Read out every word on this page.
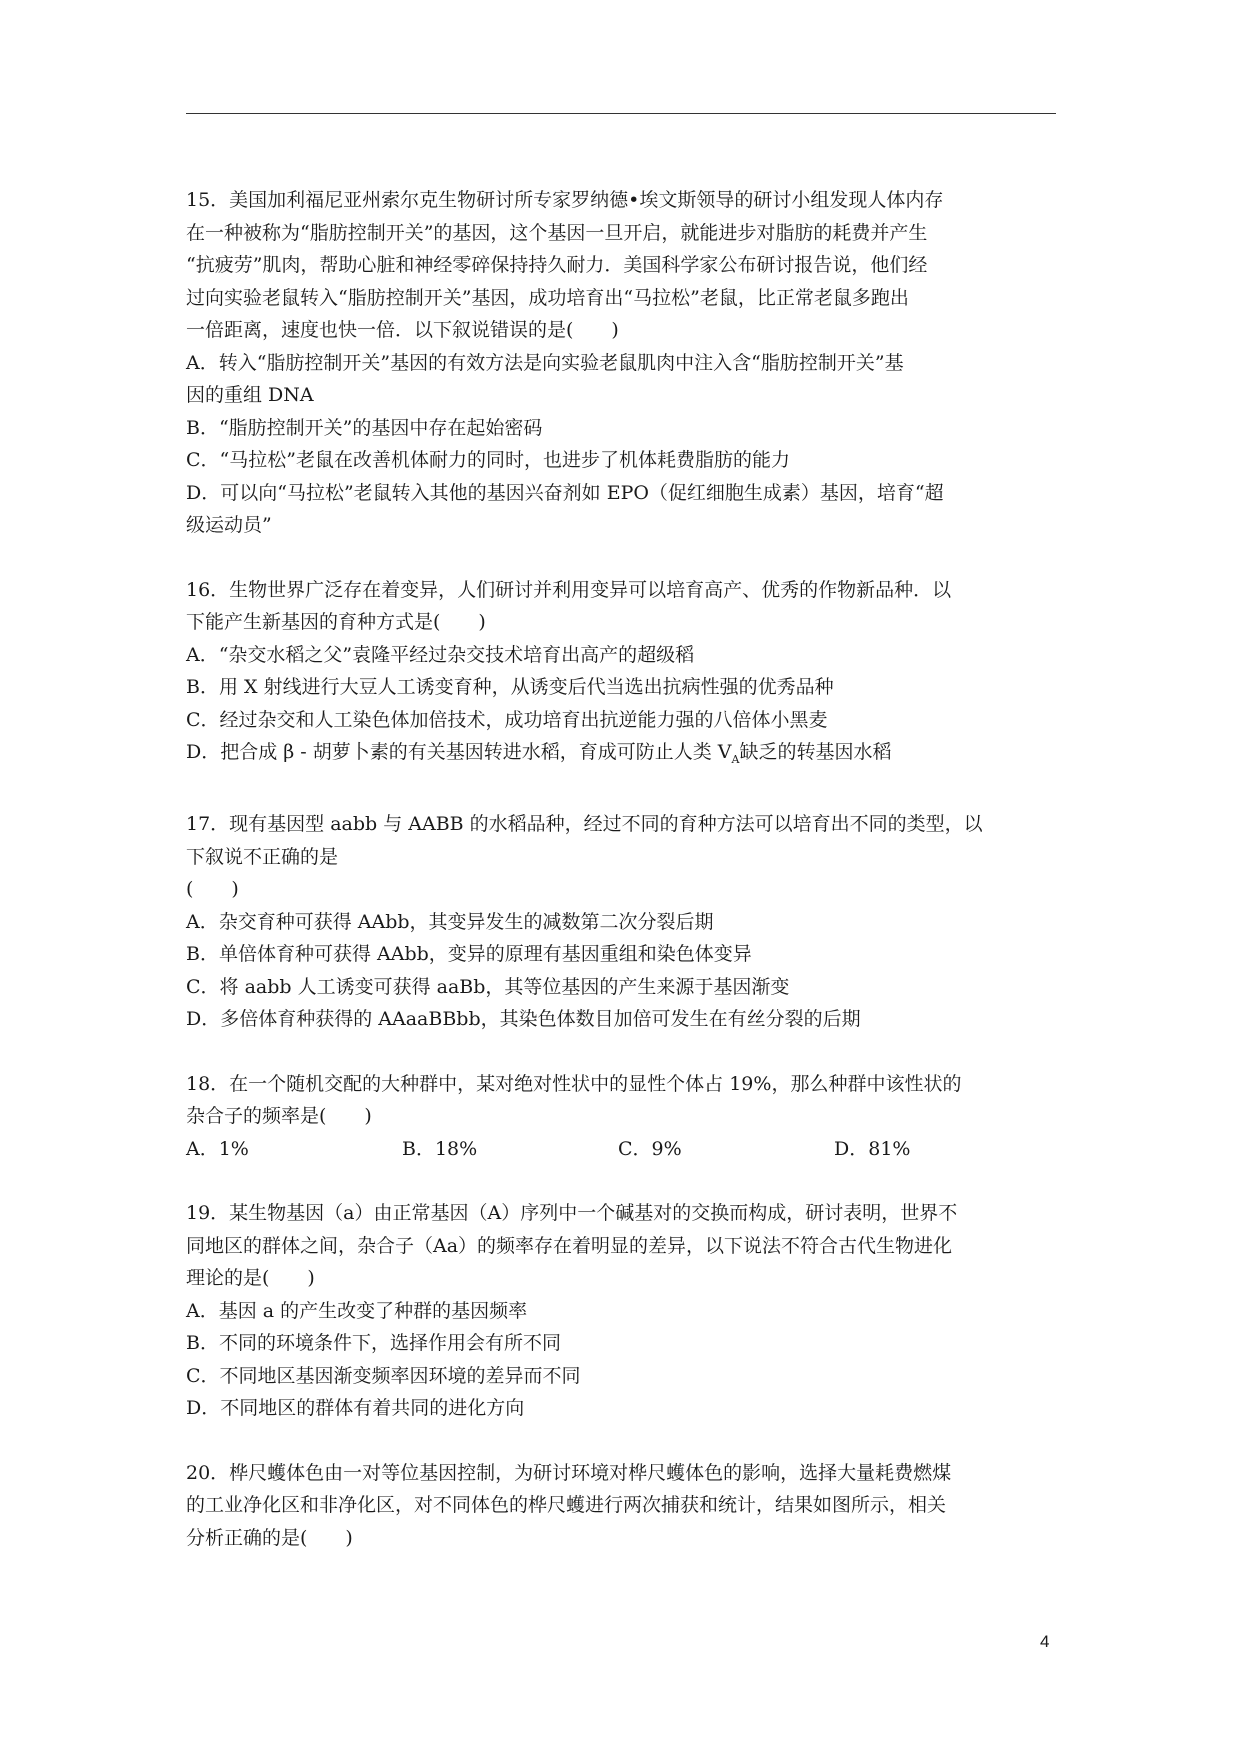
15．美国加利福尼亚州索尔克生物研讨所专家罗纳德•埃文斯领导的研讨小组发现人体内存

在一种被称为“脂肪控制开关”的基因，这个基因一旦开启，就能进步对脂肪的耗费并产生

“抗疲劳”肌肉，帮助心脏和神经零碎保持持久耐力．美国科学家公布研讨报告说，他们经

过向实验老鼠转入“脂肪控制开关”基因，成功培育出“马拉松”老鼠，比正常老鼠多跑出

一倍距离，速度也快一倍．以下叙说错误的是(　　)

A．转入“脂肪控制开关”基因的有效方法是向实验老鼠肌肉中注入含“脂肪控制开关”基

因的重组 DNA

B．“脂肪控制开关”的基因中存在起始密码

C．“马拉松”老鼠在改善机体耐力的同时，也进步了机体耗费脂肪的能力

D．可以向“马拉松”老鼠转入其他的基因兴奋剂如 EPO（促红细胞生成素）基因，培育“超

级运动员”

16．生物世界广泛存在着变异，人们研讨并利用变异可以培育高产、优秀的作物新品种．以

下能产生新基因的育种方式是(　　)

A．“杂交水稻之父”袁隆平经过杂交技术培育出高产的超级稻

B．用 X 射线进行大豆人工诱变育种，从诱变后代当选出抗病性强的优秀品种

C．经过杂交和人工染色体加倍技术，成功培育出抗逆能力强的八倍体小黑麦

D．把合成 β - 胡萝卜素的有关基因转进水稻，育成可防止人类 $V_A$缺乏的转基因水稻

17．现有基因型 aabb 与 AABB 的水稻品种，经过不同的育种方法可以培育出不同的类型，以

下叙说不正确的是

(　　)

A．杂交育种可获得 AAbb，其变异发生的减数第二次分裂后期

B．单倍体育种可获得 AAbb，变异的原理有基因重组和染色体变异

C．将 aabb 人工诱变可获得 aaBb，其等位基因的产生来源于基因渐变

D．多倍体育种获得的 AAaaBBbb，其染色体数目加倍可发生在有丝分裂的后期

18．在一个随机交配的大种群中，某对绝对性状中的显性个体占 19%，那么种群中该性状的

杂合子的频率是(　　)

A．1%	B．18%	C．9%	D．81%

19．某生物基因（a）由正常基因（A）序列中一个碱基对的交换而构成，研讨表明，世界不

同地区的群体之间，杂合子（Aa）的频率存在着明显的差异，以下说法不符合古代生物进化

理论的是(　　)

A．基因 a 的产生改变了种群的基因频率

B．不同的环境条件下，选择作用会有所不同

C．不同地区基因渐变频率因环境的差异而不同

D．不同地区的群体有着共同的进化方向

20．桦尺蠖体色由一对等位基因控制，为研讨环境对桦尺蠖体色的影响，选择大量耗费燃煤

的工业净化区和非净化区，对不同体色的桦尺蠖进行两次捕获和统计，结果如图所示，相关

分析正确的是(　　)

4
